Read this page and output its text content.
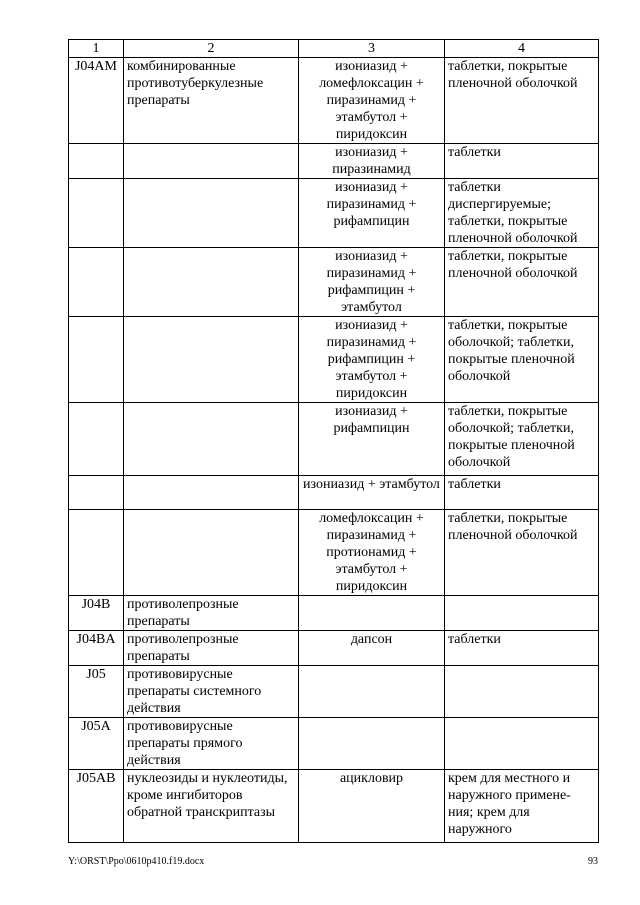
1	2	3	4
J04AM	комбинированные противотуберкулезные препараты	изониазид + ломефлоксацин + пиразинамид + этамбутол + пиридоксин	таблетки, покрытые пленочной оболочкой
		изониазид + пиразинамид	таблетки
		изониазид + пиразинамид + рифампицин	таблетки диспергируемые; таблетки, покрытые пленочной оболочкой
		изониазид + пиразинамид + рифампицин + этамбутол	таблетки, покрытые пленочной оболочкой
		изониазид + пиразинамид + рифампицин + этамбутол + пиридоксин	таблетки, покрытые оболочкой; таблетки, покрытые пленочной оболочкой
		изониазид + рифампицин	таблетки, покрытые оболочкой; таблетки, покрытые пленочной оболочкой
		изониазид + этамбутол	таблетки
		ломефлоксацин + пиразинамид + протионамид + этамбутол + пиридоксин	таблетки, покрытые пленочной оболочкой
J04B	противолепрозные препараты		
J04BA	противолепрозные препараты	дапсон	таблетки
J05	противовирусные препараты системного действия		
J05A	противовирусные препараты прямого действия		
J05AB	нуклеозиды и нуклеотиды, кроме ингибиторов обратной транскриптазы	ацикловир	крем для местного и наружного примене-ния; крем для наружного
Y:\ORST\Ppo\0610p410.f19.docx	93
